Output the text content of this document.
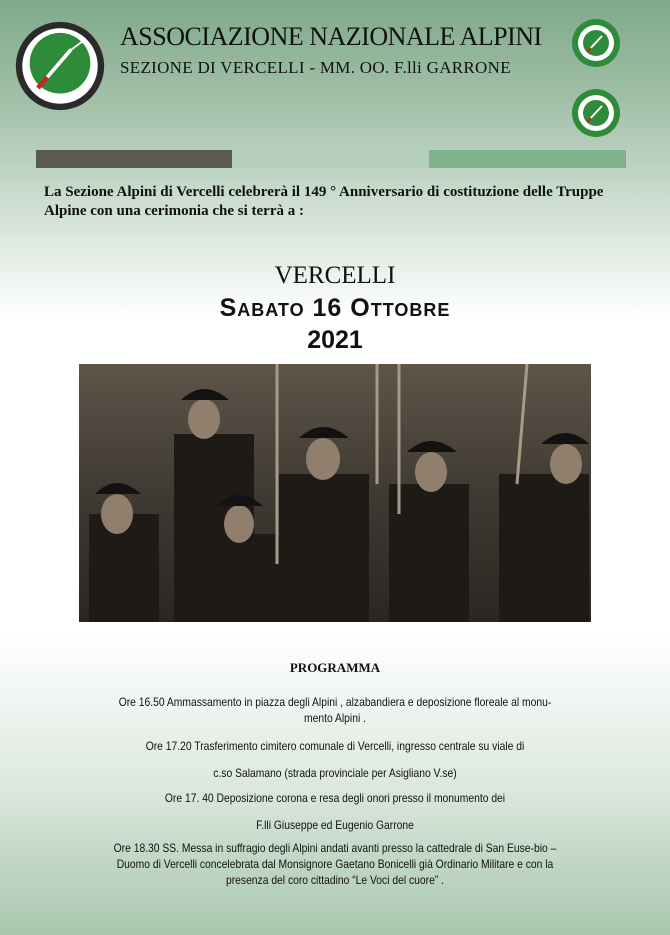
ASSOCIAZIONE NAZIONALE ALPINI
SEZIONE DI VERCELLI - MM. OO. F.lli GARRONE
La Sezione Alpini di Vercelli celebrerà il 149 ° Anniversario di costituzione delle Truppe Alpine con una cerimonia che si terrà a :
VERCELLI
Sabato 16 Ottobre
2021
PROGRAMMA
Ore 16.50 Ammassamento in piazza degli Alpini , alzabandiera e deposizione floreale al monu-mento Alpini .
Ore 17.20 Trasferimento cimitero comunale di Vercelli, ingresso centrale su viale di
c.so Salamano (strada provinciale per Asigliano V.se)
Ore 17. 40 Deposizione corona e resa degli onori presso il monumento dei
F.lli Giuseppe ed Eugenio Garrone
Ore 18.30 SS. Messa in suffragio degli Alpini andati avanti presso la cattedrale di San Euse-bio –Duomo di Vercelli concelebrata dal Monsignore Gaetano Bonicelli già Ordinario Militare e con la presenza del coro cittadino “Le Voci del cuore” .
